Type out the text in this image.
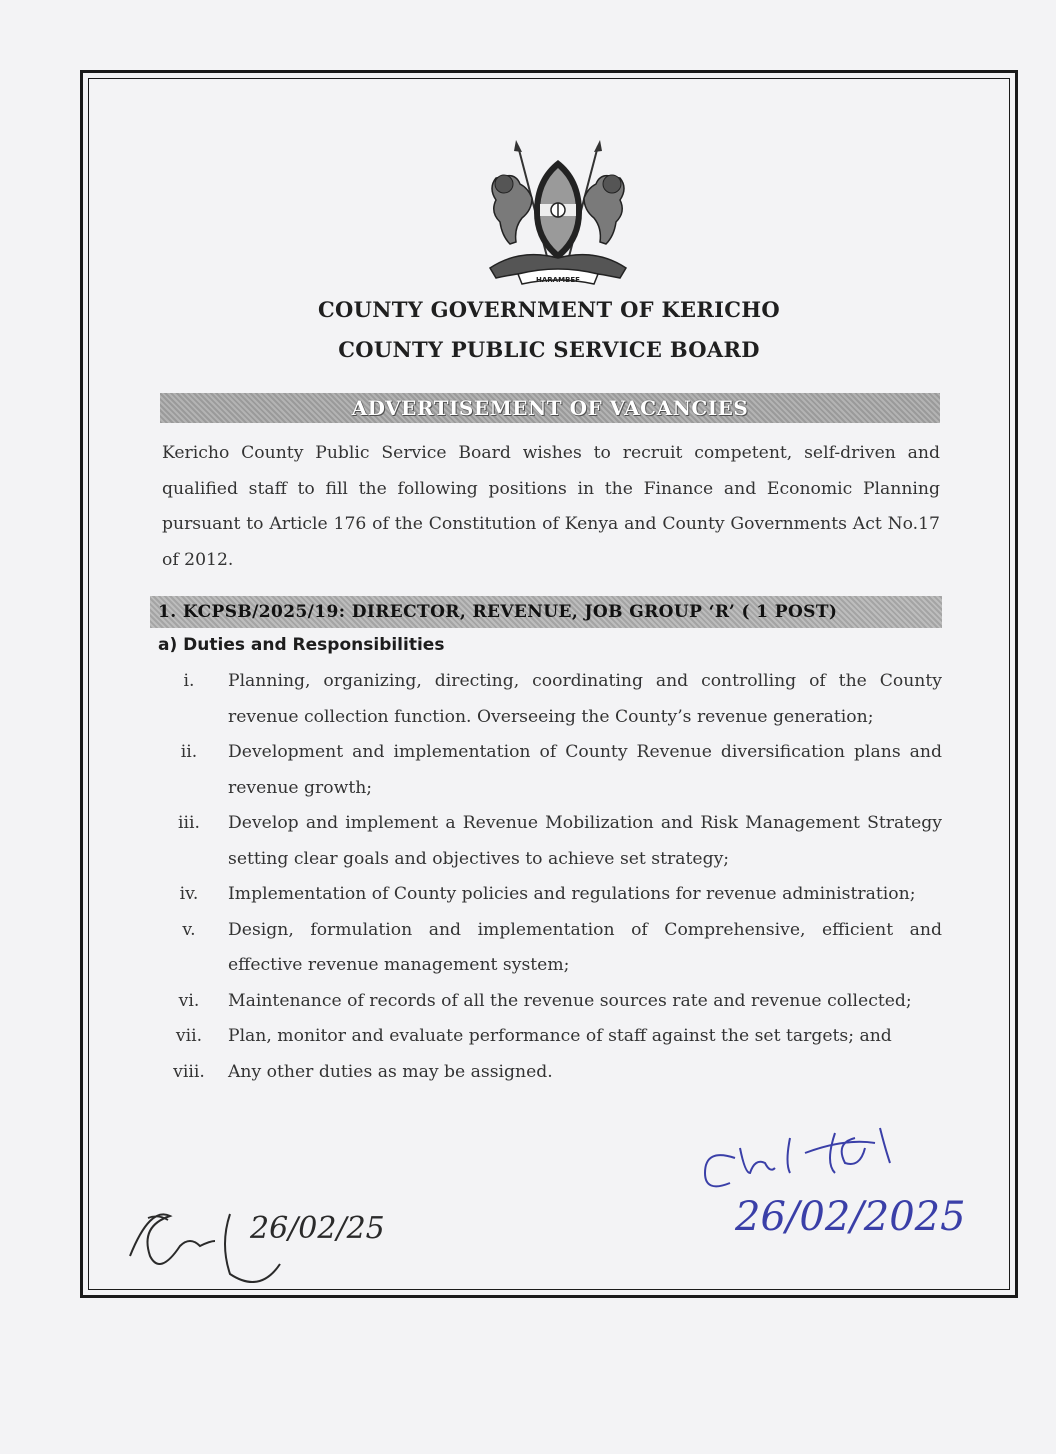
HARAMBEE
COUNTY GOVERNMENT OF KERICHO
COUNTY PUBLIC SERVICE BOARD
ADVERTISEMENT OF VACANCIES
Kericho County Public Service Board wishes to recruit competent, self-driven and qualified staff to fill the following positions in the Finance and Economic Planning pursuant to Article 176 of the Constitution of Kenya and County Governments Act No.17 of 2012.
1. KCPSB/2025/19: DIRECTOR, REVENUE, JOB GROUP ‘R’ ( 1 POST)
a) Duties and Responsibilities
i.	Planning, organizing, directing, coordinating and controlling of the County revenue collection function. Overseeing the County’s revenue generation;
ii.	Development and implementation of County Revenue diversification plans and revenue growth;
iii.	Develop and implement a Revenue Mobilization and Risk Management Strategy setting clear goals and objectives to achieve set strategy;
iv.	Implementation of County policies and regulations for revenue administration;
v.	Design, formulation and implementation of Comprehensive, efficient and effective revenue management system;
vi.	Maintenance of records of all the revenue sources rate and revenue collected;
vii.	Plan, monitor and evaluate performance of staff against the set targets; and
viii.	Any other duties as may be assigned.
26/02/25	26/02/2025
